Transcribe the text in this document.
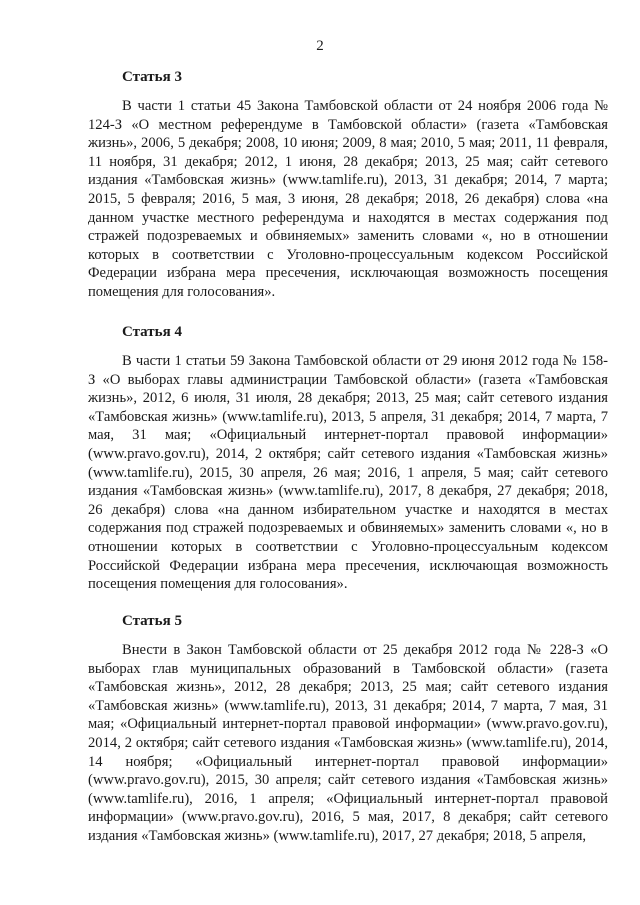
2
Статья 3

В части 1 статьи 45 Закона Тамбовской области от 24 ноября 2006 года № 124-З «О местном референдуме в Тамбовской области» (газета «Тамбовская жизнь», 2006, 5 декабря; 2008, 10 июня; 2009, 8 мая; 2010, 5 мая; 2011, 11 февраля, 11 ноября, 31 декабря; 2012, 1 июня, 28 декабря; 2013, 25 мая; сайт сетевого издания «Тамбовская жизнь» (www.tamlife.ru), 2013, 31 декабря; 2014, 7 марта; 2015, 5 февраля; 2016, 5 мая, 3 июня, 28 декабря; 2018, 26 декабря) слова «на данном участке местного референдума и находятся в местах содержания под стражей подозреваемых и обвиняемых» заменить словами «, но в отношении которых в соответствии с Уголовно-процессуальным кодексом Российской Федерации избрана мера пресечения, исключающая возможность посещения помещения для голосования».

Статья 4

В части 1 статьи 59 Закона Тамбовской области от 29 июня 2012 года № 158-З «О выборах главы администрации Тамбовской области» (газета «Тамбовская жизнь», 2012, 6 июля, 31 июля, 28 декабря; 2013, 25 мая; сайт сетевого издания «Тамбовская жизнь» (www.tamlife.ru), 2013, 5 апреля, 31 декабря; 2014, 7 марта, 7 мая, 31 мая; «Официальный интернет-портал правовой информации» (www.pravo.gov.ru), 2014, 2 октября; сайт сетевого издания «Тамбовская жизнь» (www.tamlife.ru), 2015, 30 апреля, 26 мая; 2016, 1 апреля, 5 мая; сайт сетевого издания «Тамбовская жизнь» (www.tamlife.ru), 2017, 8 декабря, 27 декабря; 2018, 26 декабря) слова «на данном избирательном участке и находятся в местах содержания под стражей подозреваемых и обвиняемых» заменить словами «, но в отношении которых в соответствии с Уголовно-процессуальным кодексом Российской Федерации избрана мера пресечения, исключающая возможность посещения помещения для голосования».

Статья 5

Внести в Закон Тамбовской области от 25 декабря 2012 года № 228-З «О выборах глав муниципальных образований в Тамбовской области» (газета «Тамбовская жизнь», 2012, 28 декабря; 2013, 25 мая; сайт сетевого издания «Тамбовская жизнь» (www.tamlife.ru), 2013, 31 декабря; 2014, 7 марта, 7 мая, 31 мая; «Официальный интернет-портал правовой информации» (www.pravo.gov.ru), 2014, 2 октября; сайт сетевого издания «Тамбовская жизнь» (www.tamlife.ru), 2014, 14 ноября; «Официальный интернет-портал правовой информации» (www.pravo.gov.ru), 2015, 30 апреля; сайт сетевого издания «Тамбовская жизнь» (www.tamlife.ru), 2016, 1 апреля; «Официальный интернет-портал правовой информации» (www.pravo.gov.ru), 2016, 5 мая, 2017, 8 декабря; сайт сетевого издания «Тамбовская жизнь» (www.tamlife.ru), 2017, 27 декабря; 2018, 5 апреля,
